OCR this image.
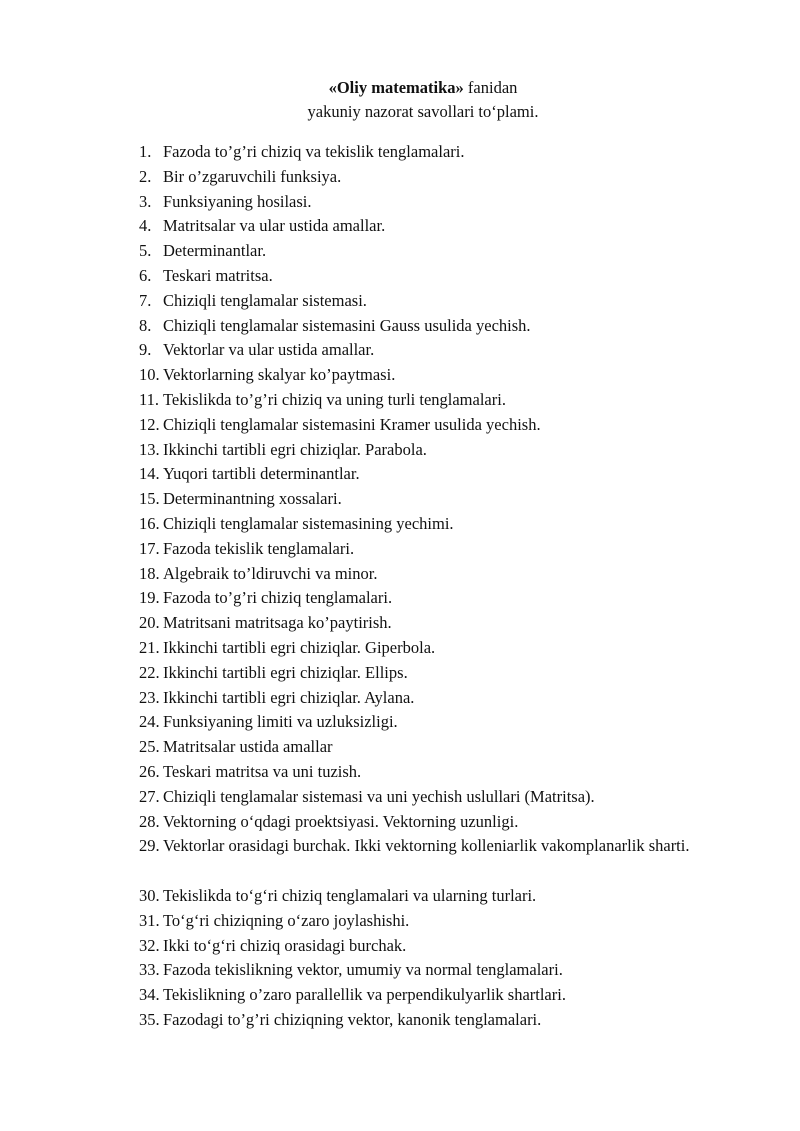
«Oliy matematika» fanidan
yakuniy nazorat savollari to‘plami.
1. Fazoda to’g’ri chiziq va tekislik tenglamalari.
2. Bir o’zgaruvchili funksiya.
3. Funksiyaning hosilasi.
4. Matritsalar va ular ustida amallar.
5. Determinantlar.
6. Teskari matritsa.
7. Chiziqli tenglamalar sistemasi.
8. Chiziqli tenglamalar sistemasini Gauss usulida yechish.
9. Vektorlar va ular ustida amallar.
10. Vektorlarning skalyar ko’paytmasi.
11. Tekislikda to’g’ri chiziq va uning turli tenglamalari.
12. Chiziqli tenglamalar sistemasini Kramer usulida yechish.
13. Ikkinchi tartibli egri chiziqlar. Parabola.
14. Yuqori tartibli determinantlar.
15. Determinantning xossalari.
16. Chiziqli tenglamalar sistemasining yechimi.
17. Fazoda tekislik tenglamalari.
18. Algebraik to’ldiruvchi va minor.
19. Fazoda to’g’ri chiziq tenglamalari.
20. Matritsani matritsaga ko’paytirish.
21. Ikkinchi tartibli egri chiziqlar. Giperbola.
22. Ikkinchi tartibli egri chiziqlar. Ellips.
23. Ikkinchi tartibli egri chiziqlar. Aylana.
24. Funksiyaning limiti va uzluksizligi.
25. Matritsalar ustida amallar
26. Teskari matritsa va uni tuzish.
27. Chiziqli tenglamalar sistemasi va uni yechish uslullari (Matritsa).
28. Vektorning o‘qdagi proektsiyasi. Vektorning uzunligi.
29. Vektorlar orasidagi burchak. Ikki vektorning kolleniarlik vakomplanarlik sharti.
30. Tekislikda to‘g‘ri chiziq tenglamalari va ularning turlari.
31. To‘g‘ri chiziqning o‘zaro joylashishi.
32. Ikki to‘g‘ri chiziq orasidagi burchak.
33. Fazoda tekislikning vektor, umumiy va normal tenglamalari.
34. Tekislikning o’zaro parallellik va perpendikulyarlik shartlari.
35. Fazodagi to’g’ri chiziqning vektor, kanonik tenglamalari.
